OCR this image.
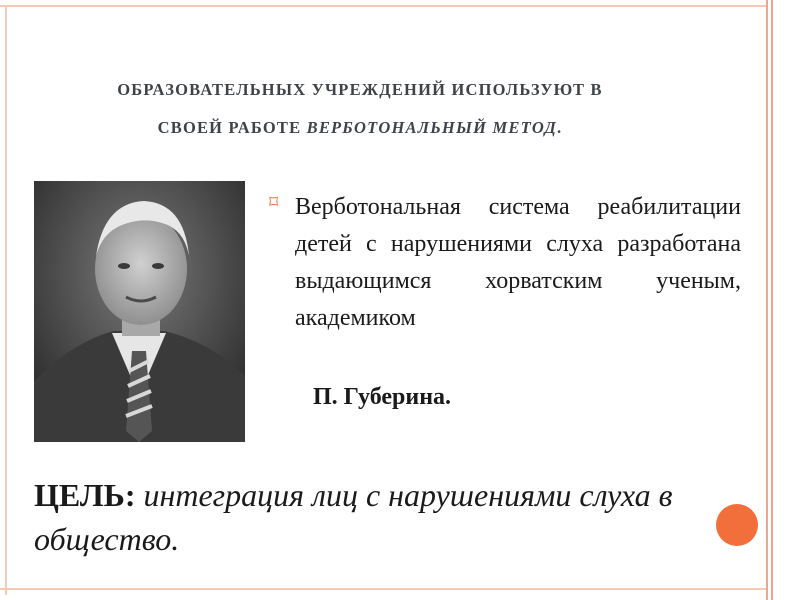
ОБРАЗОВАТЕЛЬНЫХ УЧРЕЖДЕНИЙ ИСПОЛЬЗУЮТ В
СВОЕЙ РАБОТЕ ВЕРБОТОНАЛЬНЫЙ МЕТОД.
⌑ Верботональная система реабилитации детей с нарушениями слуха разработана выдающимся хорватским ученым, академиком
П. Губерина.
ЦЕЛЬ: интеграция лиц с нарушениями слуха в общество.
